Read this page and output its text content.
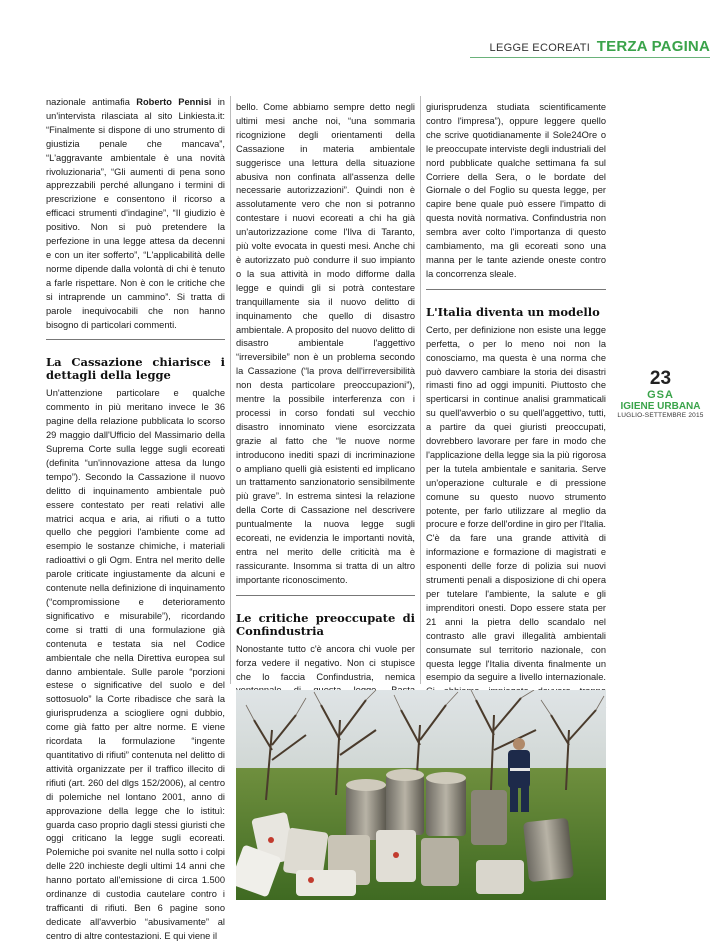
LEGGE ECOREATI TERZA PAGINA

nazionale antimafia Roberto Pennisi in un'intervista rilasciata al sito Linkiesta.it: “Finalmente si dispone di uno strumento di giustizia penale che mancava”, “L'aggravante ambientale è una novità rivoluzionaria”, “Gli aumenti di pena sono apprezzabili perché allungano i termini di prescrizione e consentono il ricorso a efficaci strumenti d'indagine”, “Il giudizio è positivo. Non si può pretendere la perfezione in una legge attesa da decenni e con un iter sofferto”, “L'applicabilità delle norme dipende dalla volontà di chi è tenuto a farle rispettare. Non è con le critiche che si intraprende un cammino”. Si tratta di parole inequivocabili che non hanno bisogno di particolari commenti.

La Cassazione chiarisce i dettagli della legge

Un'attenzione particolare e qualche commento in più meritano invece le 36 pagine della relazione pubblicata lo scorso 29 maggio dall'Ufficio del Massimario della Suprema Corte sulla legge sugli ecoreati (definita “un'innovazione attesa da lungo tempo”). Secondo la Cassazione il nuovo delitto di inquinamento ambientale può essere contestato per reati relativi alle matrici acqua e aria, ai rifiuti o a tutto quello che peggiori l'ambiente come ad esempio le sostanze chimiche, i materiali radioattivi o gli Ogm. Entra nel merito delle parole criticate ingiustamente da alcuni e contenute nella definizione di inquinamento (“compromissione e deterioramento significativo e misurabile”), ricordando come si tratti di una formulazione già contenuta e testata sia nel Codice ambientale che nella Direttiva europea sul danno ambientale. Sulle parole “porzioni estese o significative del suolo e del sottosuolo” la Corte ribadisce che sarà la giurisprudenza a sciogliere ogni dubbio, come già fatto per altre norme. E viene ricordata la formulazione “ingente quantitativo di rifiuti” contenuta nel delitto di attività organizzate per il traffico illecito di rifiuti (art. 260 del dlgs 152/2006), al centro di polemiche nel lontano 2001, anno di approvazione della legge che lo istituì: guarda caso proprio dagli stessi giuristi che oggi criticano la legge sugli ecoreati. Polemiche poi svanite nel nulla sotto i colpi delle 220 inchieste degli ultimi 14 anni che hanno portato all'emissione di circa 1.500 ordinanze di custodia cautelare contro i trafficanti di rifiuti. Ben 6 pagine sono dedicate all'avverbio “abusivamente” al centro di altre contestazioni. E qui viene il

bello. Come abbiamo sempre detto negli ultimi mesi anche noi, “una sommaria ricognizione degli orientamenti della Cassazione in materia ambientale suggerisce una lettura della situazione abusiva non confinata all'assenza delle necessarie autorizzazioni”. Quindi non è assolutamente vero che non si potranno contestare i nuovi ecoreati a chi ha già un'autorizzazione come l'Ilva di Taranto, più volte evocata in questi mesi. Anche chi è autorizzato può condurre il suo impianto o la sua attività in modo difforme dalla legge e quindi gli si potrà contestare tranquillamente sia il nuovo delitto di inquinamento che quello di disastro ambientale. A proposito del nuovo delitto di disastro ambientale l'aggettivo “irreversibile” non è un problema secondo la Cassazione (“la prova dell'irreversibilità non desta particolare preoccupazioni”), mentre la possibile interferenza con i processi in corso fondati sul vecchio disastro innominato viene esorcizzata grazie al fatto che “le nuove norme introducono inediti spazi di incriminazione o ampliano quelli già esistenti ed implicano un trattamento sanzionatorio sensibilmente più grave”. In estrema sintesi la relazione della Corte di Cassazione nel descrivere puntualmente la nuova legge sugli ecoreati, ne evidenzia le importanti novità, entra nel merito delle criticità ma è rassicurante. Insomma si tratta di un altro importante riconoscimento.

Le critiche preoccupate di Confindustria

Nonostante tutto c'è ancora chi vuole per forza vedere il negativo. Non ci stupisce che lo faccia Confindustria, nemica

giurisprudenza studiata scientificamente contro l'impresa”), oppure leggere quello che scrive quotidianamente il Sole24Ore o le preoccupate interviste degli industriali del nord pubblicate qualche settimana fa sul Corriere della Sera, o le bordate del Giornale o del Foglio su questa legge, per capire bene quale può essere l'impatto di questa novità normativa. Confindustria non sembra aver colto l'importanza di questo cambiamento, ma gli ecoreati sono una manna per le tante aziende oneste contro la concorrenza sleale.

L'Italia diventa un modello

Certo, per definizione non esiste una legge perfetta, o per lo meno noi non la conosciamo, ma questa è una norma che può davvero cambiare la storia dei disastri rimasti fino ad oggi impuniti. Piuttosto che sperticarsi in continue analisi grammaticali su quell'avverbio o su quell'aggettivo, tutti, a partire da quei giuristi preoccupati, dovrebbero lavorare per fare in modo che l'applicazione della legge sia la più rigorosa per la tutela ambientale e sanitaria. Serve un'operazione culturale e di pressione comune su questo nuovo strumento potente, per farlo utilizzare al meglio da procure e forze dell'ordine in giro per l'Italia. C'è da fare una grande attività di informazione e formazione di magistrati e esponenti delle forze di polizia sui nuovi strumenti penali a disposizione di chi opera per tutelare l'ambiente, la salute e gli imprenditori onesti. Dopo essere stata per 21 anni la pietra dello scandalo nel contrasto alle gravi illegalità ambientali consumate sul territorio nazionale, con questa legge l'Italia diventa finalmente un esempio da seguire a livello internazionale.

23
GSA
IGIENE URBANA
LUGLIO-SETTEMBRE 2015
